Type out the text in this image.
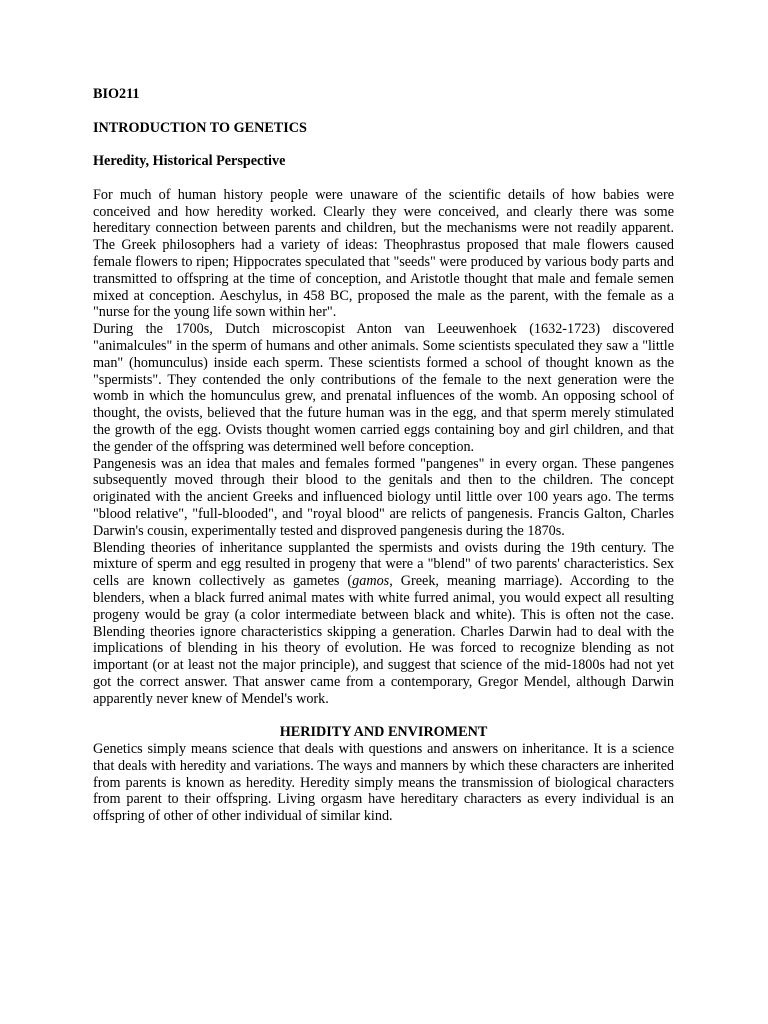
BIO211

INTRODUCTION TO GENETICS

Heredity, Historical Perspective

For much of human history people were unaware of the scientific details of how babies were conceived and how heredity worked. Clearly they were conceived, and clearly there was some hereditary connection between parents and children, but the mechanisms were not readily apparent. The Greek philosophers had a variety of ideas: Theophrastus proposed that male flowers caused female flowers to ripen; Hippocrates speculated that "seeds" were produced by various body parts and transmitted to offspring at the time of conception, and Aristotle thought that male and female semen mixed at conception. Aeschylus, in 458 BC, proposed the male as the parent, with the female as a "nurse for the young life sown within her".

During the 1700s, Dutch microscopist Anton van Leeuwenhoek (1632-1723) discovered "animalcules" in the sperm of humans and other animals. Some scientists speculated they saw a "little man" (homunculus) inside each sperm. These scientists formed a school of thought known as the "spermists". They contended the only contributions of the female to the next generation were the womb in which the homunculus grew, and prenatal influences of the womb. An opposing school of thought, the ovists, believed that the future human was in the egg, and that sperm merely stimulated the growth of the egg. Ovists thought women carried eggs containing boy and girl children, and that the gender of the offspring was determined well before conception.

Pangenesis was an idea that males and females formed "pangenes" in every organ. These pangenes subsequently moved through their blood to the genitals and then to the children. The concept originated with the ancient Greeks and influenced biology until little over 100 years ago. The terms "blood relative", "full-blooded", and "royal blood" are relicts of pangenesis. Francis Galton, Charles Darwin's cousin, experimentally tested and disproved pangenesis during the 1870s.

Blending theories of inheritance supplanted the spermists and ovists during the 19th century. The mixture of sperm and egg resulted in progeny that were a "blend" of two parents' characteristics. Sex cells are known collectively as gametes (gamos, Greek, meaning marriage). According to the blenders, when a black furred animal mates with white furred animal, you would expect all resulting progeny would be gray (a color intermediate between black and white). This is often not the case. Blending theories ignore characteristics skipping a generation. Charles Darwin had to deal with the implications of blending in his theory of evolution. He was forced to recognize blending as not important (or at least not the major principle), and suggest that science of the mid-1800s had not yet got the correct answer. That answer came from a contemporary, Gregor Mendel, although Darwin apparently never knew of Mendel's work.

HERIDITY AND ENVIROMENT

Genetics simply means science that deals with questions and answers on inheritance. It is a science that deals with heredity and variations. The ways and manners by which these characters are inherited from parents is known as heredity. Heredity simply means the transmission of biological characters from parent to their offspring. Living orgasm have hereditary characters as every individual is an offspring of other of other individual of similar kind.
